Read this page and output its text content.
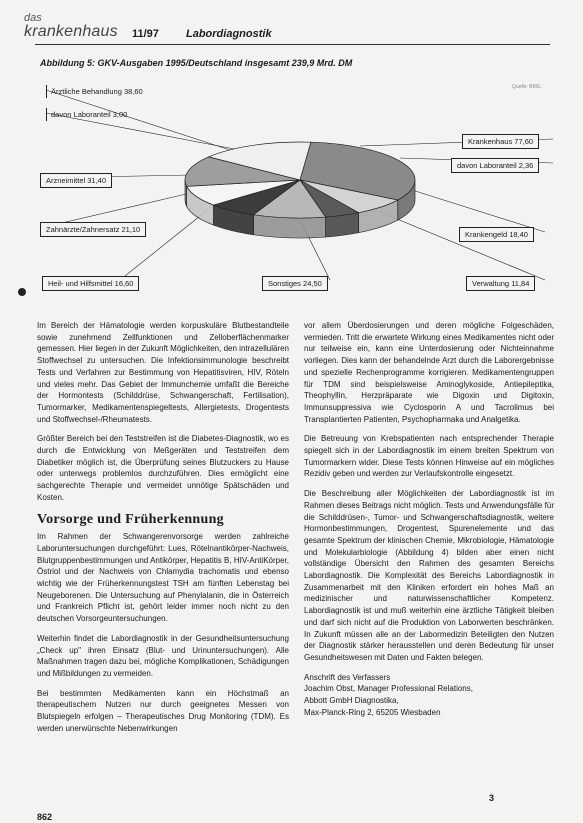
das
krankenhaus 11/97 Labordiagnostik
Abbildung 5: GKV-Ausgaben 1995/Deutschland insgesamt 239,9 Mrd. DM
Quelle: BMG
Ärztliche Behandlung 38,60
davon Laboranteil 3,00
Arzneimittel 31,40
Zahnärzte/Zahnersatz 21,10
Heil- und Hilfsmittel 16,60	Sonstiges 24,50	Verwaltung 11,84
Krankengeld 18,40
Krankenhaus 77,60
davon Laboranteil 2,36

Im Bereich der Hämatologie werden korpuskuläre Blutbestandteile sowie zunehmend Zellfunktionen und Zelloberflächenmarker gemessen. Hier liegen in der Zukunft Möglichkeiten, den intrazellulären Stoffwechsel zu untersuchen. Die Infektionsimmunologie beschreibt Tests und Verfahren zur Bestimmung von Hepatitisviren, HIV, Röteln und vieles mehr. Das Gebiet der Immunchemie umfaßt die Bereiche der Hormontests (Schilddrüse, Schwangerschaft, Fertilisation), Tumormarker, Medikamentenspiegeltests, Allergietests, Drogentests und Stoffwechsel-/Rheumatests.

Größter Bereich bei den Teststreifen ist die Diabetes-Diagnostik, wo es durch die Entwicklung von Meßgeräten und Teststreifen dem Diabetiker möglich ist, die Überprüfung seines Blutzuckers zu Hause oder unterwegs problemlos durchzuführen. Dies ermöglicht eine sachgerechte Therapie und vermeidet unnötige Spätschäden und Kosten.

Vorsorge und Früherkennung

Im Rahmen der Schwangerenvorsorge werden zahlreiche Laboruntersuchungen durchgeführt: Lues, Rötelnantikörper-Nachweis, Blutgruppenbestimmungen und Antikörper, Hepatitis B, HIV-AntiKörper, Östriol und der Nachweis von Chlamydia trachomatis und ebenso wichtig wie der Früherkennungstest TSH am fünften Lebenstag bei Neugeborenen. Die Untersuchung auf Phenylalanin, die in Österreich und Frankreich Pflicht ist, gehört leider immer noch nicht zu den deutschen Vorsorgeuntersuchungen.

Weiterhin findet die Labordiagnostik in der Gesundheitsuntersuchung „Check up" ihren Einsatz (Blut- und Urinuntersuchungen). Alle Maßnahmen tragen dazu bei, mögliche Komplikationen, Schädigungen und Mißbildungen zu vermeiden.

Bei bestimmten Medikamenten kann ein Höchstmaß an therapeutischem Nutzen nur durch geeignetes Messen von Blutspiegeln erfolgen – Therapeutisches Drug Monitoring (TDM). Es werden unerwünschte Nebenwirkungen

vor allem Überdosierungen und deren mögliche Folgeschäden, vermieden. Tritt die erwartete Wirkung eines Medikamentes nicht oder nur teilweise ein, kann eine Unterdosierung oder Nichteinnahme vorliegen. Dies kann der behandelnde Arzt durch die Laborergebnisse und spezielle Rechenprogramme korrigieren. Medikamentengruppen für TDM sind beispielsweise Aminoglykoside, Antiepileptika, Theophyllin, Herzpräparate wie Digoxin und Digitoxin, Immunsuppressiva wie Cyclosporin A und Tacrolimus bei Transplantierten Patienten, Psychopharmaka und Analgetika.

Die Betreuung von Krebspatienten nach entsprechender Therapie spiegelt sich in der Labordiagnostik im einem breiten Spektrum von Tumormarkern wider. Diese Tests können Hinweise auf ein mögliches Rezidiv geben und werden zur Verlaufskontrolle eingesetzt.

Die Beschreibung aller Möglichkeiten der Labordiagnostik ist im Rahmen dieses Beitrags nicht möglich. Tests und Anwendungsfälle für die Schilddrüsen-, Tumor- und Schwangerschaftsdiagnostik, weitere Hormonbestimmungen, Drogentest, Spurenelemente und das gesamte Spektrum der klinischen Chemie, Mikrobiologie, Hämatologie und Molekularbiologie (Abbildung 4) bilden aber einen nicht vollständige Übersicht den Rahmen des gesamten Bereichs Labordiagnostik. Die Komplexität des Bereichs Labordiagnostik in Zusammenarbeit mit den Kliniken erfordert ein hohes Maß an medizinischer und naturwissenschaftlicher Kompetenz. Labordiagnostik ist und muß weiterhin eine ärztliche Tätigkeit bleiben und darf sich nicht auf die Produktion von Laborwerten beschränken. In Zukunft müssen alle an der Labormedizin Beteiligten den Nutzen der Diagnostik stärker herausstellen und deren Bedeutung für unser Gesundheitswesen mit Daten und Fakten belegen.

Anschrift des Verfassers
Joachim Obst, Manager Professional Relations,
Abbott GmbH Diagnostika,
Max-Planck-Ring 2, 65205 Wiesbaden
3
862
